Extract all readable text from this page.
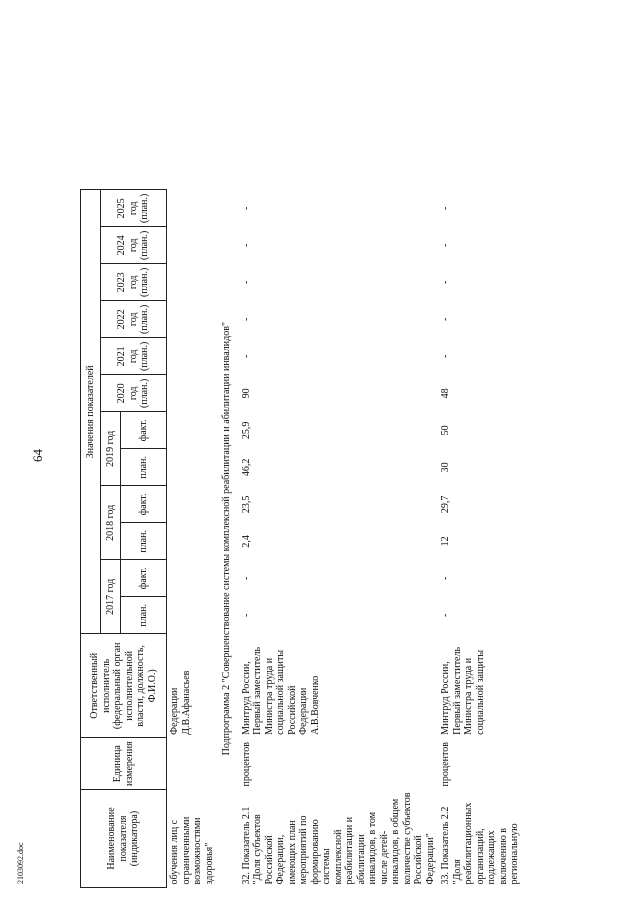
64
Наименование показателя (индикатора)	Единица измерения	Ответственный исполнитель (федеральный орган исполнительной власти, должность, Ф.И.О.)	Значения показателей											
			2017 год		2018 год		2019 год		2020 год (план.)	2021 год (план.)	2022 год (план.)	2023 год (план.)	2024 год (план.)	2025 год (план.)
			план.	факт.	план.	факт.	план.	факт.						
обучения лиц с ограниченными возможностями здоровья"		Федерации Д.В.Афанасьев												
Подпрограмма 2 "Совершенствование системы комплексной реабилитации и абилитации инвалидов"														
32. Показатель 2.1 "Доля субъектов Российской Федерации, имеющих план мероприятий по формированию системы комплексной реабилитации и абилитации инвалидов, в том числе детей-инвалидов, в общем количестве субъектов Российской Федерации"	процентов	Минтруд России, Первый заместитель Министра труда и социальной защиты Российской Федерации А.В.Вовченко	-	-	2,4	23,5	46,2	25,9	90	-	-	-	-	-
33. Показатель 2.2 "Доля реабилитационных организаций, подлежащих включению в региональную	процентов	Минтруд России, Первый заместитель Министра труда и социальной защиты	-	-	12	29,7	30	50	48	-	-	-	-	-
2103092.doc
